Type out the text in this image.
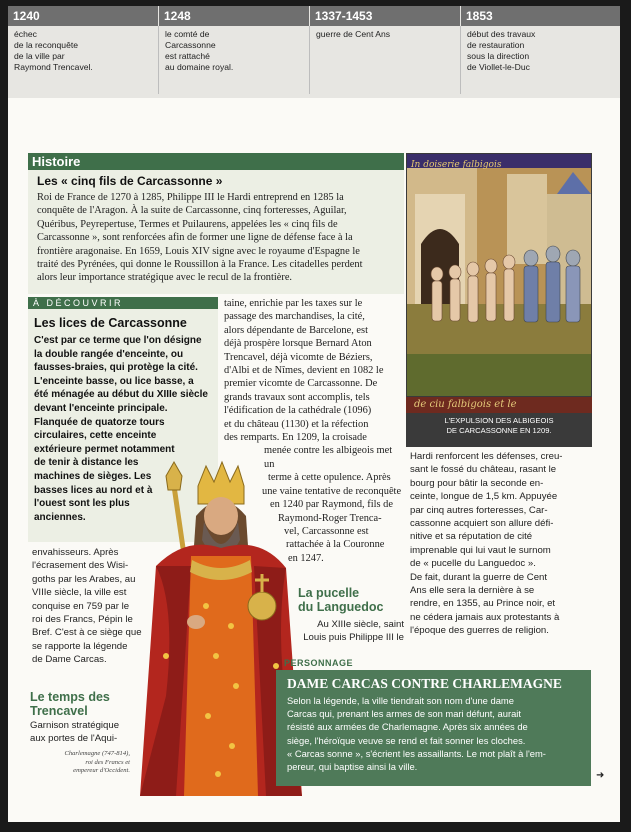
1240
échec
de la reconquête
de la ville par
Raymond Trencavel.
1248
le comté de
Carcassonne
est rattaché
au domaine royal.
1337-1453
guerre de Cent Ans
1853
début des travaux
de restauration
sous la direction
de Viollet-le-Duc
Histoire
Les « cinq fils de Carcassonne »
Roi de France de 1270 à 1285, Philippe III le Hardi entreprend en 1285 la
conquête de l'Aragon. À la suite de Carcassonne, cinq forteresses, Aguilar,
Quéribus, Peyrepertuse, Termes et Puilaurens, appelées les « cinq fils de
Carcassonne », sont renforcées afin de former une ligne de défense face à la
frontière aragonaise. En 1659, Louis XIV signe avec le royaume d'Espagne le
traité des Pyrénées, qui donne le Roussillon à la France. Les citadelles perdent
alors leur importance stratégique avec le recul de la frontière.
In doiserie falbigois
de ciu falbigois et le
L'EXPULSION DES ALBIGEOIS
DE CARCASSONNE EN 1209.
À DÉCOUVRIR
Les lices de Carcassonne
C'est par ce terme que l'on désigne
la double rangée d'enceinte, ou
fausses-braies, qui protège la cité.
L'enceinte basse, ou lice basse, a
été ménagée au début du XIIIe siècle
devant l'enceinte principale.
Flanquée de quatorze tours
circulaires, cette enceinte
extérieure permet notamment
de tenir à distance les
machines de sièges. Les
basses lices au nord et à
l'ouest sont les plus
anciennes.
taine, enrichie par les taxes sur le
passage des marchandises, la cité,
alors dépendante de Barcelone, est
déjà prospère lorsque Bernard Aton
Trencavel, déjà vicomte de Béziers,
d'Albi et de Nîmes, devient en 1082 le
premier vicomte de Carcassonne. De
grands travaux sont accomplis, tels
l'édification de la cathédrale (1096)
et du château (1130) et la réfection
des remparts. En 1209, la croisade
menée contre les albigeois met un
terme à cette opulence. Après
une vaine tentative de reconquête
en 1240 par Raymond, fils de
Raymond-Roger Trenca-
vel, Carcassonne est
rattachée à la Couronne
en 1247.
Hardi renforcent les défenses, creu-
sant le fossé du château, rasant le
bourg pour bâtir la seconde en-
ceinte, longue de 1,5 km. Appuyée
par cinq autres forteresses, Car-
cassonne acquiert son allure défi-
nitive et sa réputation de cité
imprenable qui lui vaut le surnom
de « pucelle du Languedoc ».
De fait, durant la guerre de Cent
Ans elle sera la dernière à se
rendre, en 1355, au Prince noir, et
ne cédera jamais aux protestants à
l'époque des guerres de religion.
envahisseurs. Après
l'écrasement des Wisi-
goths par les Arabes, au
VIIIe siècle, la ville est
conquise en 759 par le
roi des Francs, Pépin le
Bref. C'est à ce siège que
se rapporte la légende
de Dame Carcas.
Le temps des
Trencavel
Garnison stratégique
aux portes de l'Aqui-
Charlemagne (747-814),
roi des Francs et
empereur d'Occident.
La pucelle
du Languedoc
Au XIIIe siècle, saint
Louis puis Philippe III le
PERSONNAGE
DAME CARCAS CONTRE CHARLEMAGNE
Selon la légende, la ville tiendrait son nom d'une dame
Carcas qui, prenant les armes de son mari défunt, aurait
résisté aux armées de Charlemagne. Après six années de
siège, l'héroïque veuve se rend et fait sonner les cloches.
« Carcas sonne », s'écrient les assaillants. Le mot plaît à l'em-
pereur, qui baptise ainsi la ville.
➜
